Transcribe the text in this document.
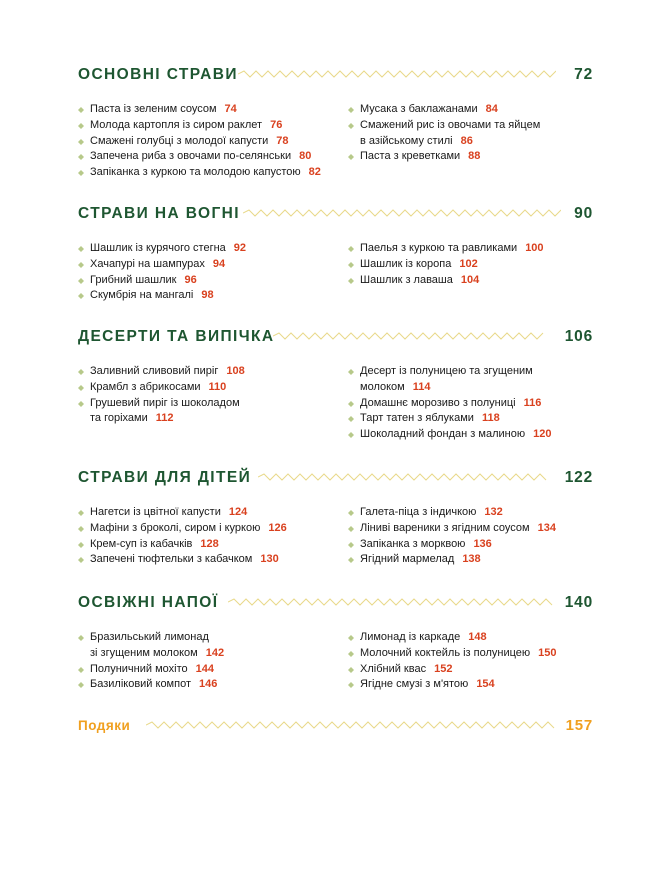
ОСНОВНІ СТРАВИ	72
Паста із зеленим соусом 74
Молода картопля із сиром раклет 76
Смажені голубці з молодої капусти 78
Запечена риба з овочами по-селянськи 80
Запіканка з куркою та молодою капустою 82
Мусака з баклажанами 84
Смажений рис із овочами та яйцем
в азійському стилі 86
Паста з креветками 88
СТРАВИ НА ВОГНІ	90
Шашлик із курячого стегна 92
Хачапурі на шампурах 94
Грибний шашлик 96
Скумбрія на мангалі 98
Паелья з куркою та равликами 100
Шашлик із коропа 102
Шашлик з лаваша 104
ДЕСЕРТИ ТА ВИПІЧКА	106
Заливний сливовий пиріг 108
Крамбл з абрикосами 110
Грушевий пиріг із шоколадом
та горіхами 112
Десерт із полуницею та згущеним
молоком 114
Домашнє морозиво з полуниці 116
Тарт татен з яблуками 118
Шоколадний фондан з малиною 120
СТРАВИ ДЛЯ ДІТЕЙ	122
Нагетси із цвітної капусти 124
Мафіни з броколі, сиром і куркою 126
Крем-суп із кабачків 128
Запечені тюфтельки з кабачком 130
Галета-піца з індичкою 132
Ліниві вареники з ягідним соусом 134
Запіканка з морквою 136
Ягідний мармелад 138
ОСВІЖНІ НАПОЇ	140
Бразильський лимонад
зі згущеним молоком 142
Полуничний мохіто 144
Базиліковий компот 146
Лимонад із каркаде 148
Молочний коктейль із полуницею 150
Хлібний квас 152
Ягідне смузі з м'ятою 154
Подяки	157
